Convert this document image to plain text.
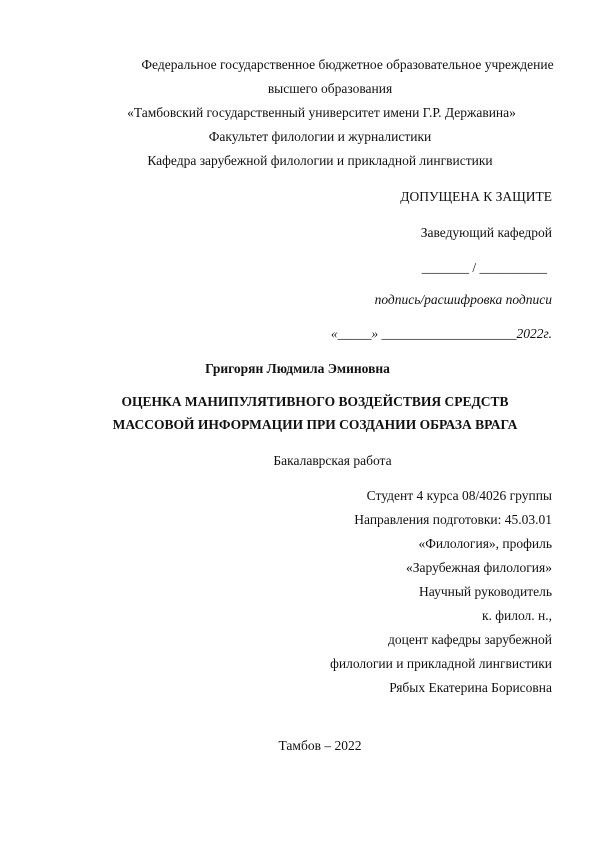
Федеральное государственное бюджетное образовательное учреждение
высшего образования
«Тамбовский государственный университет имени Г.Р. Державина»
Факультет филологии и журналистики
Кафедра зарубежной филологии и прикладной лингвистики
ДОПУЩЕНА К ЗАЩИТЕ
Заведующий кафедрой
_______ / __________
подпись/расшифровка подписи
«_____» ____________________2022г.
Григорян Людмила Эминовна
ОЦЕНКА МАНИПУЛЯТИВНОГО ВОЗДЕЙСТВИЯ СРЕДСТВ
МАССОВОЙ ИНФОРМАЦИИ ПРИ СОЗДАНИИ ОБРАЗА ВРАГА
Бакалаврская работа
Студент 4 курса 08/4026 группы
Направления подготовки: 45.03.01
«Филология», профиль
«Зарубежная филология»
Научный руководитель
к. филол. н.,
доцент кафедры зарубежной
филологии и прикладной лингвистики
Рябых Екатерина Борисовна
Тамбов – 2022
